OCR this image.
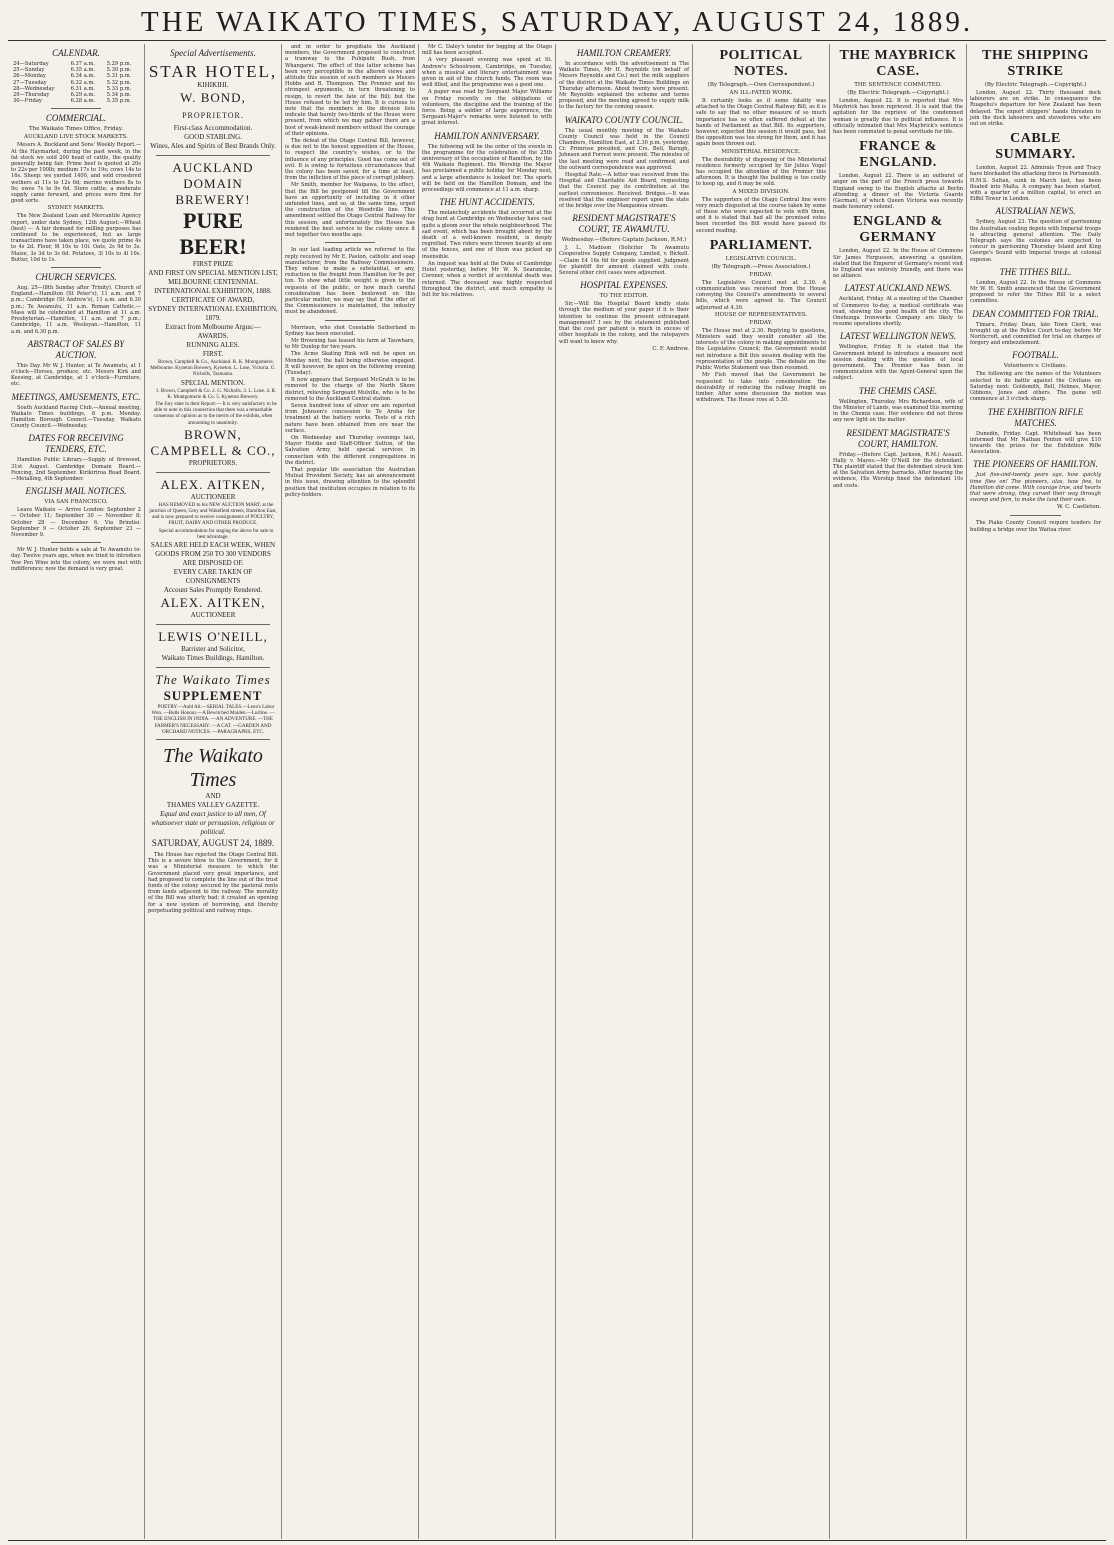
THE WAIKATO TIMES, SATURDAY, AUGUST 24, 1889.
CALENDAR.
24—Saturday	6.37 a.m.	5.29 p.m.
25—Sunday	6.35 a.m.	5.30 p.m.
26—Monday	6.34 a.m.	5.31 p.m.
27—Tuesday	6.32 a.m.	5.32 p.m.
28—Wednesday	6.31 a.m.	5.33 p.m.
29—Thursday	6.29 a.m.	5.34 p.m.
30—Friday	6.28 a.m.	5.35 p.m.
COMMERCIAL.
The Waikato Times Office, Friday.
AUCKLAND LIVE STOCK MARKETS.

Messrs A. Buckland and Sons' Weekly Report.—At the Haymarket, during the past week, in the fat stock we sold 200 head of cattle, the quality generally being fair. Prime beef is quoted at 20s to 22s per 100lb; medium 17s to 19s; cows 14s to 16s. Sheep: we yarded 1400, and sold crossbred wethers at 11s to 12s 6d; merino wethers 8s to 9s; ewes 7s to 9s 6d. Store cattle: a moderate supply came forward, and prices were firm for good sorts.

SYDNEY MARKETS.

The New Zealand Loan and Mercantile Agency report, under date Sydney, 12th August:—Wheat (best) — A fair demand for milling purposes has continued to be experienced, but as large transactions have taken place, we quote prime 4s to 4s 2d. Flour, 9l 10s to 10l. Oats, 2s 9d to 3s. Maize, 3s 3d to 3s 6d. Potatoes, 3l 10s to 4l 10s. Butter, 10d to 1s.

CHURCH SERVICES.

Aug. 25—(8th Sunday after Trinity). Church of England.—Hamilton (St Peter's), 11 a.m. and 7 p.m.; Cambridge (St Andrew's), 11 a.m. and 6.30 p.m.; Te Awamutu, 11 a.m. Roman Catholic.—Mass will be celebrated at Hamilton at 11 a.m. Presbyterian.—Hamilton, 11 a.m. and 7 p.m.; Cambridge, 11 a.m. Wesleyan.—Hamilton, 11 a.m. and 6.30 p.m.

ABSTRACT OF SALES BY AUCTION.

This Day. Mr W. J. Hunter, at Te Awamutu, at 1 o'clock—Horses, produce, etc. Messrs Kirk and Keesing, at Cambridge, at 1 o'clock—Furniture, etc.

MEETINGS, AMUSEMENTS, ETC.

South Auckland Racing Club.—Annual meeting, Waikato Times buildings, 8 p.m. Monday. Hamilton Borough Council.—Tuesday. Waikato County Council.—Wednesday.

DATES FOR RECEIVING TENDERS, ETC.

Hamilton Public Library.—Supply of firewood, 31st August. Cambridge Domain Board.—Fencing, 2nd September. Kirikiriroa Road Board.—Metalling, 4th September.

ENGLISH MAIL NOTICES.
VIA SAN FRANCISCO.

Leave Waikato — Arrive London: September 2 — October 11; September 30 — November 8; October 28 — December 6. Via Brindisi: September 9 — October 26; September 23 — November 9.

Mr W. J. Hunter holds a sale at Te Awamutu to-day. Twelve years ago, when we tried to introduce Yew Pen Wine into the colony, we were met with indifference; now the demand is very great.

Special Advertisements.
STAR HOTEL,
KIHIKIHI.
W. BOND, PROPRIETOR.
First-class Accommodation.
GOOD STABLING.
Wines, Ales and Spirits of Best Brands Only.
AUCKLAND DOMAIN
BREWERY!
PURE BEER!
FIRST PRIZE
AND FIRST ON SPECIAL MENTION LIST, MELBOURNE CENTENNIAL INTERNATIONAL EXHIBITION, 1888.
CERTIFICATE OF AWARD,
SYDNEY INTERNATIONAL EXHIBITION, 1879.
Extract from Melbourne Argus:—
AWARDS.
RUNNING ALES.
FIRST.

Brown, Campbell & Co., Auckland. R. K. Montgomerie, Melbourne. Kyneton Brewery, Kyneton. L. Lose, Victoria. G. Nicholls, Tasmania.

SPECIAL MENTION.

1. Brown, Campbell & Co. 2. G. Nicholls. 3. L. Lose. 4. R. K. Montgomerie & Co. 5. Kyneton Brewery.

The Jury state in their Report:— It is very satisfactory to be able to note in this connection that there was a remarkable consensus of opinion as to the merits of the exhibits, often amounting to unanimity.

BROWN, CAMPBELL & CO.,
PROPRIETORS.
ALEX. AITKEN,
AUCTIONEER

HAS REMOVED to his NEW AUCTION MART, at the junction of Queen, Grey and Wakefield streets, Hamilton East, and is now prepared to receive consignments of POULTRY, FRUIT, DAIRY AND OTHER PRODUCE.

Special accommodation for staging the above for sale to best advantage.

SALES ARE HELD EACH WEEK, WHEN GOODS FROM 250 TO 300 VENDORS ARE DISPOSED OF.
EVERY CARE TAKEN OF CONSIGNMENTS
Account Sales Promptly Rendered.
ALEX. AITKEN,
AUCTIONEER
LEWIS O'NEILL,
Barrister and Solicitor,
Waikato Times Buildings, Hamilton.
The Waikato Times
SUPPLEMENT

POETRY.—Auld Ail.—SERIAL TALES.—Leon's Labor Won. —Bulls Honour.—A Bewitched Maiden.—Lurline. —THE ENGLISH IN INDIA. —AN ADVENTURE. —THE FARMER'S NECESSARY. —A CAT. —GARDEN AND ORCHARD NOTICES. —PARAGRAPHS, ETC.

The Waikato Times
AND
THAMES VALLEY GAZETTE.
Equal and exact justice to all men, Of whatsoever state or persuasion, religious or political.
SATURDAY, AUGUST 24, 1889.

The House has rejected the Otago Central Bill. This is a severe blow to the Government, for it was a Ministerial measure to which the Government placed very great importance, and had proposed to complete the line out of the trust funds of the colony secured by the pastoral rents from lands adjacent to the railway. The morality of the Bill was utterly bad; it created an opening for a new system of borrowing, and thereby perpetuating political and railway rings.

and in order to propitiate the Auckland members, the Government proposed to construct a tramway to the Puhipuhi Bush, from Whangarei. The effect of this latter scheme has been very perceptible in the altered views and attitude this session of such members as Messrs Hobbs and R. Thompson. The Premier and his strongest arguments, in turn threatening to resign, to revert the fate of the Bill; but the House refused to be led by him. It is curious to note that the members in the division lists indicate that barely two-thirds of the House were present, from which we may gather there are a host of weak-kneed members without the courage of their opinions.

The defeat of the Otago Central Bill, however, is due not to the honest opposition of the House, to respect the country's wishes, or to the influence of any principles. Good has come out of evil. It is owing to fortuitous circumstances that the colony has been saved, for a time at least, from the infliction of this piece of corrupt jobbery.

Mr Smith, member for Waipawa, to the effect, that the Bill be postponed till the Government have an opportunity of including in it other unfunded lines, and so, at the same time, urged the construction of the Woodville line. This amendment settled the Otago Central Railway for this session, and unfortunately the House has rendered the best service to the colony since it met together two months ago.

In our last leading article we referred to the reply received by Mr E. Paston, catholic and soap manufacturer, from the Railway Commissioners. They refuse to make a substantial, or any, reduction in the freight from Hamilton for 9s per ton. To show what little weight is given to the requests of the public, or how much careful consideration has been bestowed on this particular matter, we may say that if the offer of the Commissioners is maintained, the industry must be abandoned.

Morrison, who shot Constable Sutherland in Sydney has been executed.

Mr Browning has leased his farm at Tauwhare, to Mr Dunlop for two years.

The Acme Skating Rink will not be open on Monday next, the hall being otherwise engaged. It will however, be open on the following evening (Tuesday).

It now appears that Sergeant McGrath is to be removed to the charge of the North Shore district, relieving Sergeant Mulville, who is to be removed to the Auckland Central station.

Seven hundred tons of silver ore are reported from Johnson's concession to Te Aroha for treatment at the battery works. Tests of a rich nature have been obtained from ore near the surface.

On Wednesday and Thursday evenings last, Mayor Holdie and Staff-Officer Sutton, of the Salvation Army, held special services in connection with the different congregations in the district.

That popular life association the Australian Mutual Provident Society, has an announcement in this issue, drawing attention to the splendid position that institution occupies in relation to its policy-holders.

Mr C. Daley's tender for logging at the Otago mill has been accepted.

A very pleasant evening was spent at St. Andrew's Schoolroom, Cambridge, on Tuesday, when a musical and literary entertainment was given in aid of the church funds. The room was well filled, and the programme was a good one.

A paper was read by Sergeant Major Williams on Friday recently on the obligations of volunteers, the discipline and the training of the force. Being a soldier of large experience, the Sergeant-Major's remarks were listened to with great interest.

HAMILTON ANNIVERSARY.

The following will be the order of the events in the programme for the celebration of the 25th anniversary of the occupation of Hamilton, by the 4th Waikato Regiment. His Worship the Mayor has proclaimed a public holiday for Monday next, and a large attendance is looked for. The sports will be held on the Hamilton Domain, and the proceedings will commence at 11 a.m. sharp.

THE HUNT ACCIDENTS.

The melancholy accidents that occurred at the drag hunt at Cambridge on Wednesday have cast quite a gloom over the whole neighbourhood. The sad event, which has been brought about by the death of a well-known resident, is deeply regretted. Two riders were thrown heavily at one of the fences, and one of them was picked up insensible.

An inquest was held at the Duke of Cambridge Hotel yesterday, before Mr W. N. Searancke, Coroner, when a verdict of accidental death was returned. The deceased was highly respected throughout the district, and much sympathy is felt for his relatives.

HAMILTON CREAMERY.

In accordance with the advertisement in The Waikato Times, Mr H. Reynolds (on behalf of Messrs Reynolds and Co.) met the milk suppliers of the district at the Waikato Times Buildings on Thursday afternoon. About twenty were present. Mr Reynolds explained the scheme and terms proposed, and the meeting agreed to supply milk to the factory for the coming season.

WAIKATO COUNTY COUNCIL.

The usual monthly meeting of the Waikato County Council was held in the Council Chambers, Hamilton East, at 2.30 p.m. yesterday. Cr. Primrose presided, and Crs. Bell, Barugh, Johnson and Forrest were present. The minutes of the last meeting were read and confirmed, and the outward correspondence was approved.

Hospital Rate.—A letter was received from the Hospital and Charitable Aid Board, requesting that the Council pay its contribution at the earliest convenience. Received. Bridges.—It was resolved that the engineer report upon the state of the bridge over the Mangaonua stream.

RESIDENT MAGISTRATE'S COURT, TE AWAMUTU.
Wednesday.—(Before Captain Jackson, R.M.)

J. L. Madison (Solicitor Te Awamutu Cooperative Supply Company, Limited, v. Bickell.—Claim £4 16s 6d for goods supplied. Judgment for plaintiff for amount claimed with costs. Several other civil cases were adjourned.

HOSPITAL EXPENSES.
TO THE EDITOR.

Sir,—Will the Hospital Board kindly state through the medium of your paper if it is their intention to continue the present extravagant management? I see by the statement published that the cost per patient is much in excess of other hospitals in the colony, and the ratepayers will want to know why.

C. F. Andrew.
POLITICAL NOTES.
(By Telegraph.—Own Correspondent.)
AN ILL-FATED WORK.

It certainly looks as if some fatality was attached to the Otago Central Railway Bill, as it is safe to say that no other measure of so much importance has so often suffered defeat at the hands of Parliament as that Bill. Its supporters, however, expected this session it would pass, but the opposition was too strong for them, and it has again been thrown out.

MINISTERIAL RESIDENCE.

The desirability of disposing of the Ministerial residence formerly occupied by Sir Julius Vogel has occupied the attention of the Premier this afternoon. It is thought the building is too costly to keep up, and it may be sold.

A MIXED DIVISION.

The supporters of the Otago Central line were very much disgusted at the course taken by some of those who were expected to vote with them, and it is stated that had all the promised votes been recorded the Bill would have passed its second reading.

PARLIAMENT.
LEGISLATIVE COUNCIL.
(By Telegraph.—Press Association.)
FRIDAY.

The Legislative Council met at 2.30. A communication was received from the House conveying the Council's amendments to several bills, which were agreed to. The Council adjourned at 4.30.

HOUSE OF REPRESENTATIVES.
FRIDAY.

The House met at 2.30. Replying to questions, Ministers said they would consider all the interests of the colony in making appointments to the Legislative Council; the Government would not introduce a Bill this session dealing with the representation of the people. The debate on the Public Works Statement was then resumed.

Mr Fish moved that the Government be requested to take into consideration the desirability of reducing the railway freight on timber. After some discussion the motion was withdrawn. The House rose at 5.30.

THE MAYBRICK CASE.
THE SENTENCE COMMUTED.
(By Electric Telegraph.—Copyright.)

London, August 22. It is reported that Mrs Maybrick has been reprieved. It is said that the agitation for the reprieve of the condemned woman is greatly due to political influence. It is officially intimated that Mrs Maybrick's sentence has been commuted to penal servitude for life.

FRANCE & ENGLAND.

London, August 22. There is an outburst of anger on the part of the French press towards England owing to the English attache at Berlin attending a dinner of the Victoria Guards (German), of which Queen Victoria was recently made honorary colonel.

ENGLAND & GERMANY

London, August 22. In the House of Commons Sir James Fergusson, answering a question, stated that the Emperor of Germany's recent visit to England was entirely friendly, and there was no alliance.

LATEST AUCKLAND NEWS.

Auckland, Friday. At a meeting of the Chamber of Commerce to-day, a medical certificate was read, showing the good health of the city. The Onehunga Ironworks Company are likely to resume operations shortly.

LATEST WELLINGTON NEWS.

Wellington, Friday. It is stated that the Government intend to introduce a measure next session dealing with the question of local government. The Premier has been in communication with the Agent-General upon the subject.

THE CHEMIS CASE.

Wellington, Thursday. Mrs Richardson, wife of the Minister of Lands, was examined this morning in the Chemis case. Her evidence did not throw any new light on the matter.

RESIDENT MAGISTRATE'S COURT, HAMILTON.

Friday.—(Before Capt. Jackson, R.M.) Assault. Hally v. Mayes.—Mr O'Neill for the defendant. The plaintiff stated that the defendant struck him at the Salvation Army barracks. After hearing the evidence, His Worship fined the defendant 10s and costs.

THE SHIPPING STRIKE
(By Electric Telegraph.—Copyright.)

London, August 22. Thirty thousand dock labourers are on strike. In consequence the Ruapehu's departure for New Zealand has been delayed. The export shippers' hands threaten to join the dock labourers and stevedores who are out on strike.

CABLE SUMMARY.

London, August 22. Admirals Tryon and Tracy have blockaded the attacking force in Portsmouth. H.M.S. Sultan, sunk in March last, has been floated into Malta. A company has been started, with a quarter of a million capital, to erect an Eiffel Tower in London.

AUSTRALIAN NEWS.

Sydney, August 23. The question of garrisoning the Australian coaling depots with Imperial troops is attracting general attention. The Daily Telegraph says the colonies are expected to concur in garrisoning Thursday Island and King George's Sound with Imperial troops at colonial expense.

THE TITHES BILL.

London, August 22. In the House of Commons Mr W. H. Smith announced that the Government proposed to refer the Tithes Bill to a select committee.

DEAN COMMITTED FOR TRIAL.

Timaru, Friday. Dean, late Town Clerk, was brought up at the Police Court to-day, before Mr Northcroft, and committed for trial on charges of forgery and embezzlement.

FOOTBALL.
Volunteers v. Civilians.

The following are the names of the Volunteers selected to do battle against the Civilians on Saturday next: Goldsmith, Bell, Holmes, Mayor, Gibbons, Jones and others. The game will commence at 3 o'clock sharp.

THE EXHIBITION RIFLE MATCHES.

Dunedin, Friday. Capt. Whitehead has been informed that Mr Nathan Fenton will give £10 towards the prizes for the Exhibition Rifle Association.

THE PIONEERS OF HAMILTON.

Just five-and-twenty years ago, how quickly time flies on! The pioneers, alas, how few, to Hamilton did come. With courage true, and hearts that were strong, they carved their way through swamp and fern, to make the land their own.

W. C. Castleton.

The Piako County Council require tenders for building a bridge over the Waitoa river.
